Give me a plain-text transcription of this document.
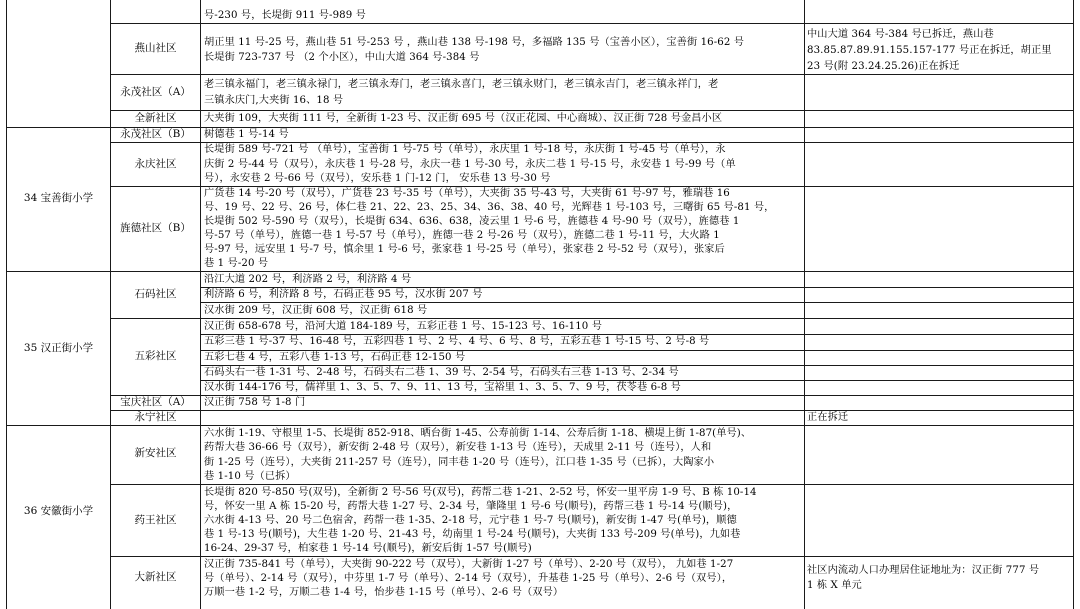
34 宝善街小学
35 汉正街小学
36 安徽街小学
燕山社区
永茂社区（A）
全新社区
永茂社区（B）
永庆社区
旌德社区（B）
石码社区
五彩社区
宝庆社区（A）
永宁社区
新安社区
药王社区
大新社区
号-230 号，长堤街 911 号-989 号
胡正里 11 号-25 号，燕山巷 51 号-253 号 ，燕山巷 138 号-198 号，多福路 135 号（宝善小区），宝善街 16-62 号
长堤街 723-737 号 （2 个小区），中山大道 364 号-384 号
老三镇永福门，老三镇永禄门，老三镇永寿门，老三镇永喜门，老三镇永财门，老三镇永吉门，老三镇永祥门，老
三镇永庆门,大夹街 16、18 号
大夹街 109，大夹街 111 号，全新街 1-23 号、汉正街 695 号（汉正花园、中心商城）、汉正街 728 号金昌小区
树德巷 1 号-14 号
长堤街 589 号-721 号 （单号），宝善街 1 号-75 号（单号），永庆里 1 号-18 号，永庆街 1 号-45 号（单号），永
庆街 2 号-44 号（双号），永庆巷 1 号-28 号，永庆一巷 1 号-30 号，永庆二巷 1 号-15 号，永安巷 1 号-99 号（单
号），永安巷 2 号-66 号（双号），安乐巷 1 门-12 门， 安乐巷 13 号-30 号
广货巷 14 号-20 号（双号），广货巷 23 号-35 号（单号），大夹街 35 号-43 号，大夹街 61 号-97 号，雅瑞巷 16
号、19 号、22 号、26 号，体仁巷 21、22、23、25、34、36、38、40 号，光辉巷 1 号-103 号，三曙街 65 号-81 号，
长堤街 502 号-590 号（双号），长堤街 634、636、638，凌云里 1 号-6 号，旌德巷 4 号-90 号（双号），旌德巷 1
号-57 号（单号），旌德一巷 1 号-57 号（单号），旌德一巷 2 号-26 号（双号），旌德二巷 1 号-11 号，大火路 1
号-97 号，远安里 1 号-7 号，慎余里 1 号-6 号，张家巷 1 号-25 号（单号），张家巷 2 号-52 号（双号），张家后
巷 1 号-20 号
沿江大道 202 号，利济路 2 号，利济路 4 号
利济路 6 号，利济路 8 号，石码正巷 95 号，汉水街 207 号
汉水街 209 号，汉正街 608 号，汉正街 618 号
汉正街 658-678 号，沿河大道 184-189 号，五彩正巷 1 号、15-123 号、16-110 号
五彩三巷 1 号-37 号、16-48 号，五彩四巷 1 号、2 号、4 号、6 号、8 号，五彩五巷 1 号-15 号、2 号-8 号
五彩七巷 4 号，五彩八巷 1-13 号，石码正巷 12-150 号
石码头右一巷 1-31 号、2-48 号，石码头右二巷 1、39 号、2-54 号，石码头右三巷 1-13 号、2-34 号
汉水街 144-176 号，儒祥里 1、3、5、7、9、11、13 号，宝裕里 1、3、5、7、9 号，茯苓巷 6-8 号
汉正街 758 号 1-8 门
六水街 1-19、守根里 1-5、长堤街 852-918、晒台街 1-45、公寿前街 1-14、公寿后街 1-18、横堤上街 1-87(单号)、
药帮大巷 36-66 号（双号），新安街 2-48 号（双号），新安巷 1-13 号（连号），天成里 2-11 号（连号），人和
街 1-25 号（连号），大夹街 211-257 号（连号），同丰巷 1-20 号（连号），江口巷 1-35 号（已拆），大陶家小
巷 1-10 号（已拆）
长堤街 820 号-850 号(双号)，全新街 2 号-56 号(双号)，药帮二巷 1-21、2-52 号，怀安一里平房 1-9 号、B 栋 10-14
号，怀安一里 A 栋 15-20 号，药帮大巷 1-27 号、2-34 号，肇隆里 1 号-6 号(顺号)，药帮三巷 1 号-14 号(顺号)，
六水街 4-13 号、20 号二色宿舍，药帮一巷 1-35、2-18 号，元宁巷 1 号-7 号(顺号)，新安街 1-47 号(单号)，顺德
巷 1 号-13 号(顺号)，大生巷 1-20 号、21-43 号，幼南里 1 号-24 号(顺号)，大夹街 133 号-209 号(单号)，九如巷
16-24、29-37 号，柏家巷 1 号-14 号(顺号)，新安后街 1-57 号(顺号)
汉正街 735-841 号（单号），大夹街 90-222 号（双号），大新街 1-27 号（单号）、2-20 号（双号）， 九如巷 1-27
号（单号）、2-14 号（双号），中芬里 1-7 号（单号）、2-14 号（双号），升基巷 1-25 号（单号）、2-6 号（双号），
万顺一巷 1-2 号，万顺二巷 1-4 号，怡步巷 1-15 号（单号）、2-6 号（双号）
中山大道 364 号-384 号已拆迁，燕山巷
83.85.87.89.91.155.157-177 号正在拆迁，胡正里
23 号(附 23.24.25.26)正在拆迁
正在拆迁
社区内流动人口办理居住证地址为：汉正街 777 号
1 栋 X 单元
